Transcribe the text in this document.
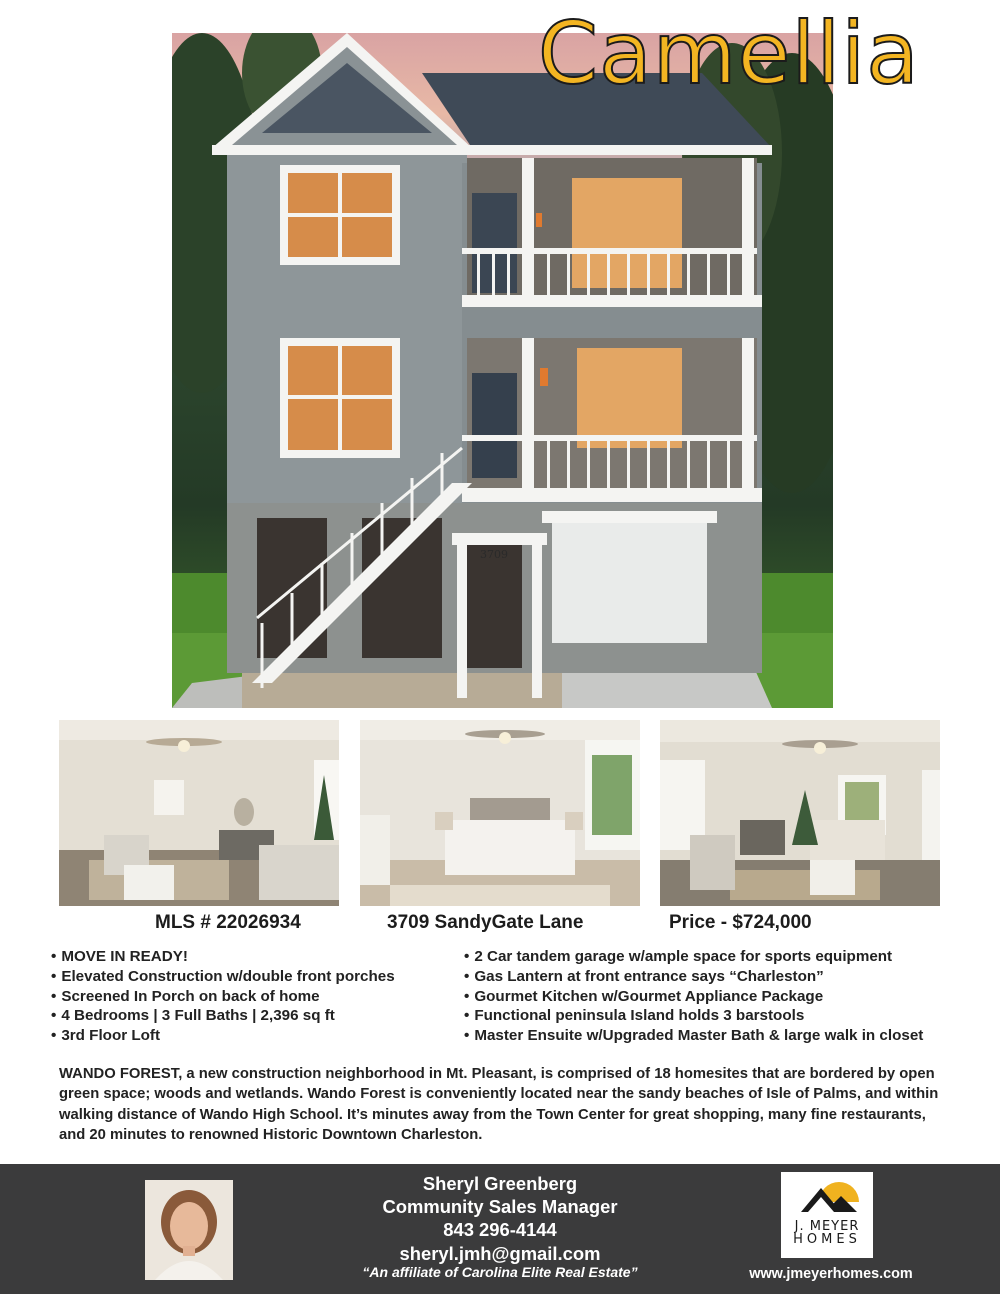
3709
Camellia
MLS # 22026934	3709 SandyGate Lane	Price - $724,000
• MOVE IN READY!
• Elevated Construction w/double front porches
• Screened In Porch on back of home
• 4 Bedrooms | 3 Full Baths | 2,396 sq ft
• 3rd Floor Loft
• 2 Car tandem garage w/ample space for sports equipment
• Gas Lantern at front entrance says “Charleston”
• Gourmet Kitchen w/Gourmet Appliance Package
• Functional peninsula Island holds 3 barstools
• Master Ensuite w/Upgraded Master Bath & large walk in closet

WANDO FOREST, a new construction neighborhood in Mt. Pleasant, is comprised of 18 homesites that are bordered by open green space; woods and wetlands. Wando Forest is conveniently located near the sandy beaches of Isle of Palms, and within walking distance of Wando High School. It’s minutes away from the Town Center for great shopping, many fine restaurants, and 20 minutes to renowned Historic Downtown Charleston.

Sheryl Greenberg
Community Sales Manager
843 296-4144
sheryl.jmh@gmail.com
“An affiliate of Carolina Elite Real Estate”
J. MEYER
HOMES
www.jmeyerhomes.com
